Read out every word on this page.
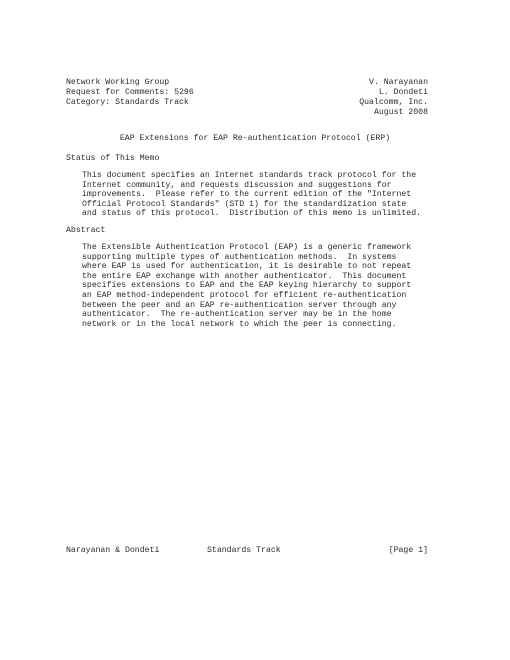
Network Working Group

	V. Narayanan

Request for Comments: 5296

	L. Dondeti

Category: Standards Track

	Qualcomm, Inc.

August 2008

EAP Extensions for EAP Re-authentication Protocol (ERP)
Status of This Memo
This document specifies an Internet standards track protocol for the
Internet community, and requests discussion and suggestions for
improvements.  Please refer to the current edition of the "Internet
Official Protocol Standards" (STD 1) for the standardization state
and status of this protocol.  Distribution of this memo is unlimited.
Abstract
The Extensible Authentication Protocol (EAP) is a generic framework
supporting multiple types of authentication methods.  In systems
where EAP is used for authentication, it is desirable to not repeat
the entire EAP exchange with another authenticator.  This document
specifies extensions to EAP and the EAP keying hierarchy to support
an EAP method-independent protocol for efficient re-authentication
between the peer and an EAP re-authentication server through any
authenticator.  The re-authentication server may be in the home
network or in the local network to which the peer is connecting.

Narayanan & Dondeti

	Standards Track

	[Page 1]
